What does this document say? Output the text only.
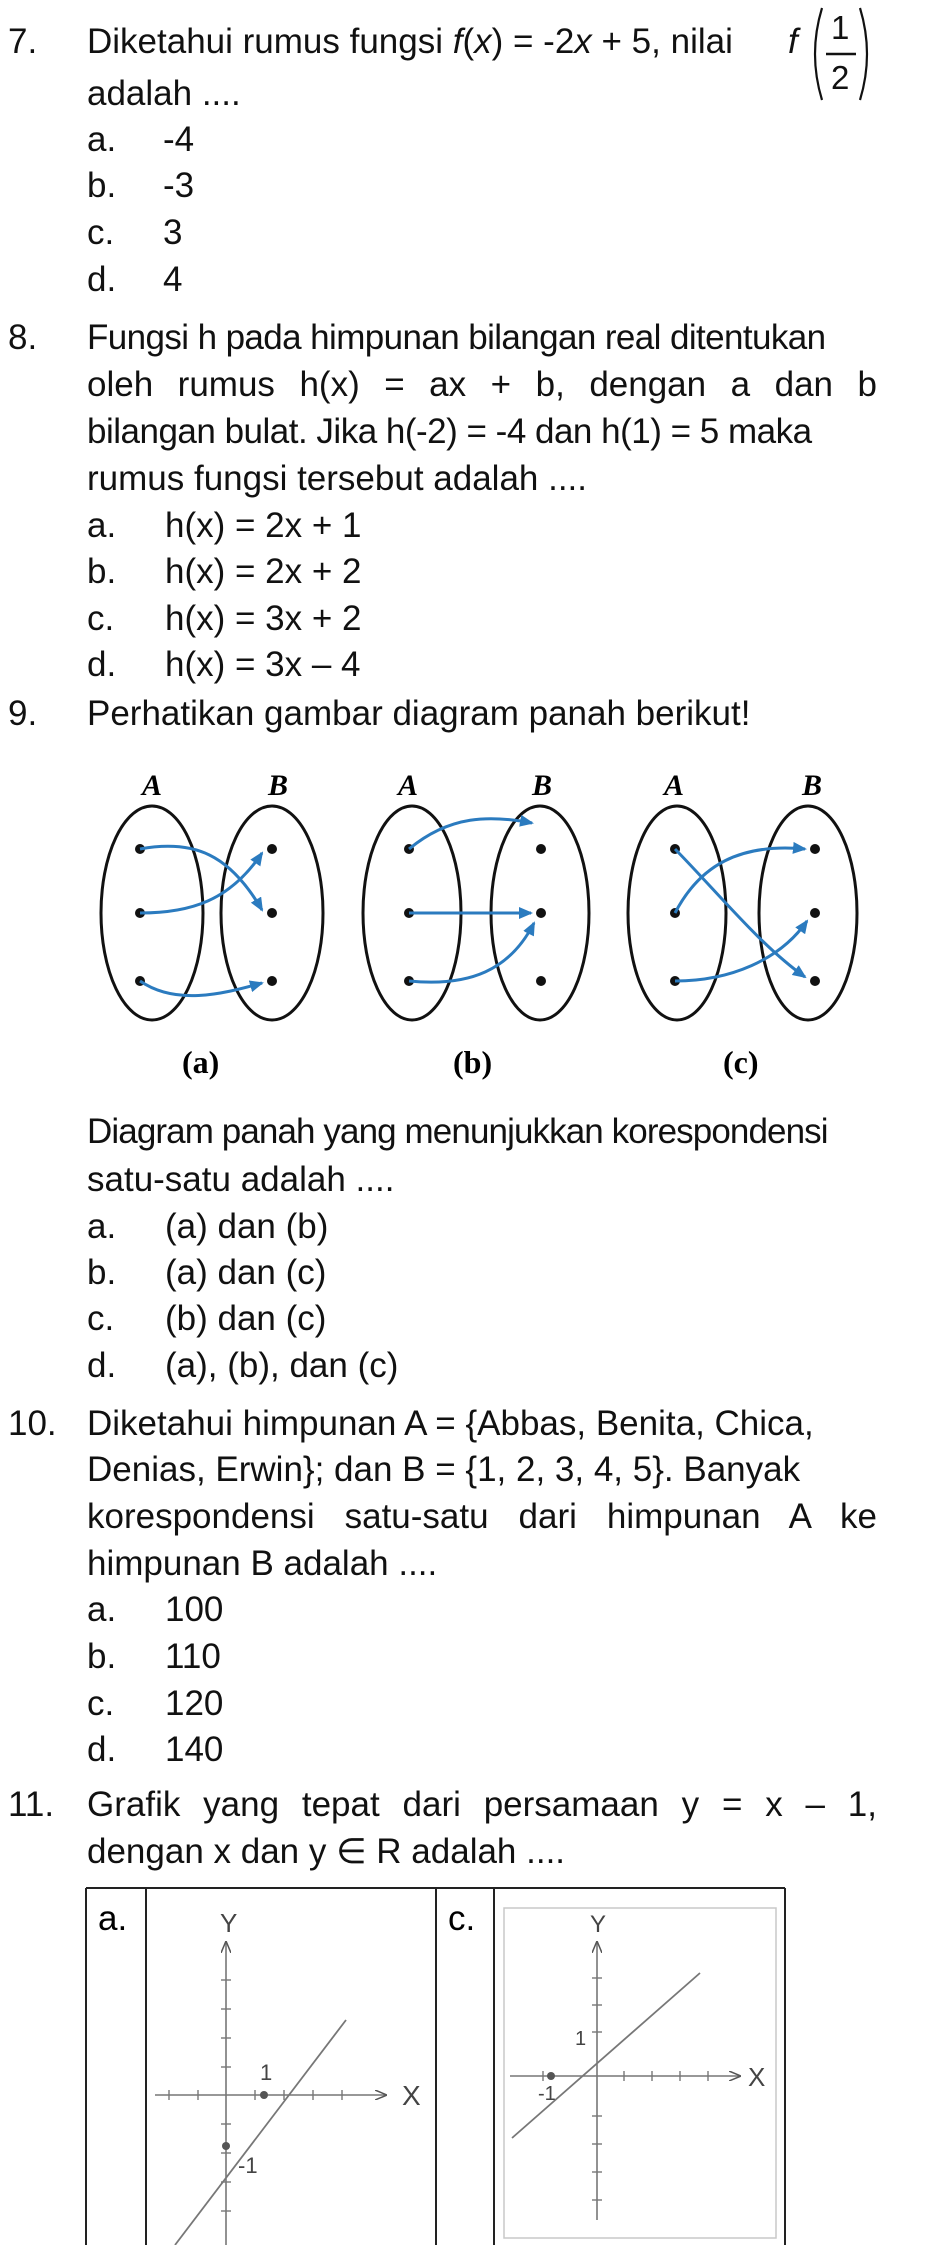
7. Diketahui rumus fungsi f(x) = -2x + 5, nilai f 1
2
adalah ....
a. -4
b. -3
c. 3
d. 4
8. Fungsi h pada himpunan bilangan real ditentukan
oleh rumus h(x) = ax + b, dengan a dan b
bilangan bulat. Jika h(-2) = -4 dan h(1) = 5 maka
rumus fungsi tersebut adalah ....
a. h(x) = 2x + 1
b. h(x) = 2x + 2
c. h(x) = 3x + 2
d. h(x) = 3x – 4
9. Perhatikan gambar diagram panah berikut!
A	B
(a)
A	B
(b)
A	B
(c)
Diagram panah yang menunjukkan korespondensi
satu-satu adalah ....
a. (a) dan (b)
b. (a) dan (c)
c. (b) dan (c)
d. (a), (b), dan (c)
10. Diketahui himpunan A = {Abbas, Benita, Chica,
Denias, Erwin}; dan B = {1, 2, 3, 4, 5}. Banyak
korespondensi satu-satu dari himpunan A ke
himpunan B adalah ....
a. 100
b. 110
c. 120
d. 140
11. Grafik yang tepat dari persamaan y = x – 1,
dengan x dan y ∈ R adalah ....
a.	Y
1
-1
X
c.	Y
1
-1
X
